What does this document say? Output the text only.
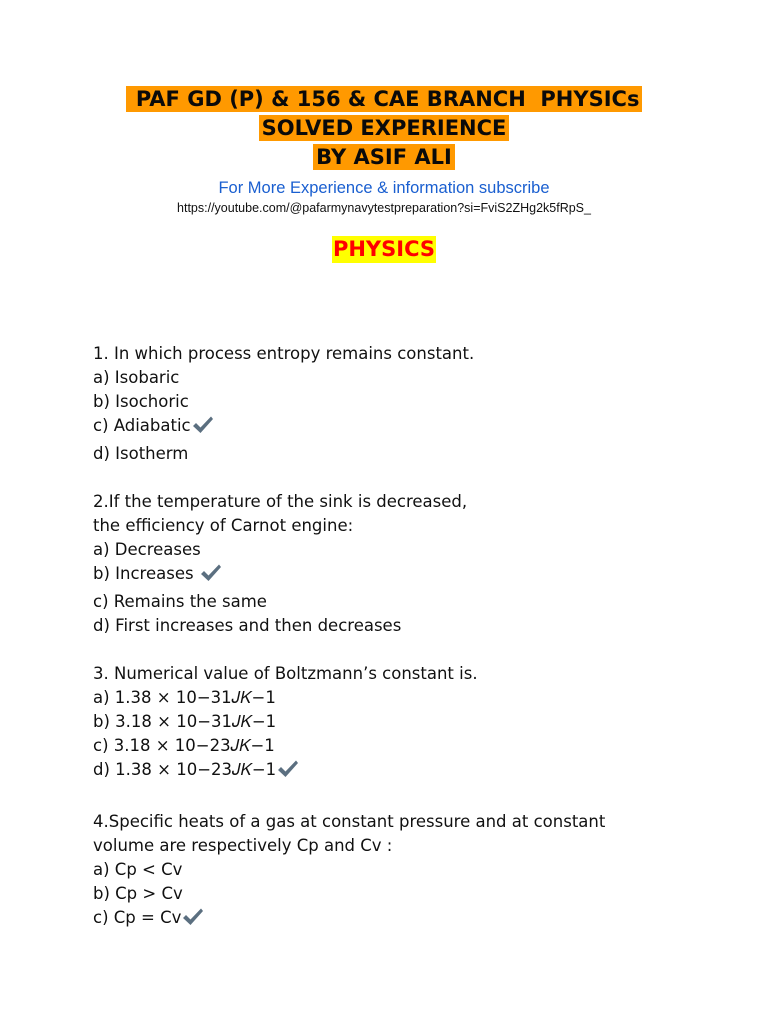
PAF GD (P) & 156 & CAE BRANCH  PHYSICs
SOLVED EXPERIENCE
BY ASIF ALI
For More Experience & information subscribe
https://youtube.com/@pafarmynavytestpreparation?si=FviS2ZHg2k5fRpS_
PHYSICS
1. In which process entropy remains constant.
a) Isobaric
b) Isochoric
c) Adiabatic
d) Isotherm
2.If the temperature of the sink is decreased,
the efficiency of Carnot engine:
a) Decreases
b) Increases
c) Remains the same
d) First increases and then decreases
3. Numerical value of Boltzmann’s constant is.
a) 1.38 × 10−31𝐽𝐾−1
b) 3.18 × 10−31𝐽𝐾−1
c) 3.18 × 10−23𝐽𝐾−1
d) 1.38 × 10−23𝐽𝐾−1
4.Specific heats of a gas at constant pressure and at constant
volume are respectively Cp and Cv :
a) Cp < Cv
b) Cp > Cv
c) Cp = Cv
